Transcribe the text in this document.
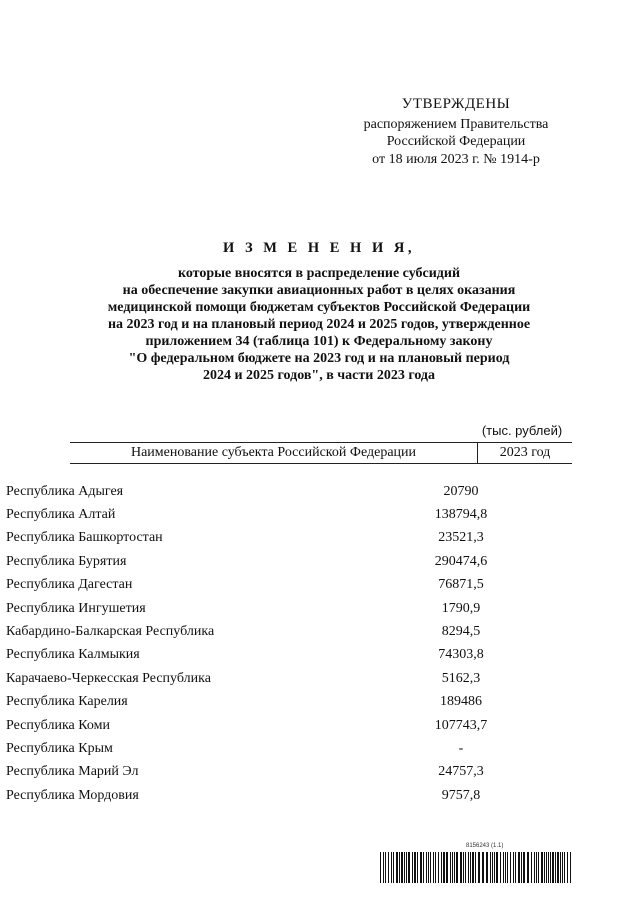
УТВЕРЖДЕНЫ
распоряжением Правительства
Российской Федерации
от 18 июля 2023 г. № 1914-р
И З М Е Н Е Н И Я,
которые вносятся в распределение субсидий
на обеспечение закупки авиационных работ в целях оказания
медицинской помощи бюджетам субъектов Российской Федерации
на 2023 год и на плановый период 2024 и 2025 годов, утвержденное
приложением 34 (таблица 101) к Федеральному закону
"О федеральном бюджете на 2023 год и на плановый период
2024 и 2025 годов", в части 2023 года
(тыс. рублей)
Наименование субъекта Российской Федерации	2023 год
Республика Адыгея	20790
Республика Алтай	138794,8
Республика Башкортостан	23521,3
Республика Бурятия	290474,6
Республика Дагестан	76871,5
Республика Ингушетия	1790,9
Кабардино-Балкарская Республика	8294,5
Республика Калмыкия	74303,8
Карачаево-Черкесская Республика	5162,3
Республика Карелия	189486
Республика Коми	107743,7
Республика Крым	-
Республика Марий Эл	24757,3
Республика Мордовия	9757,8
8156243 (1.1)
